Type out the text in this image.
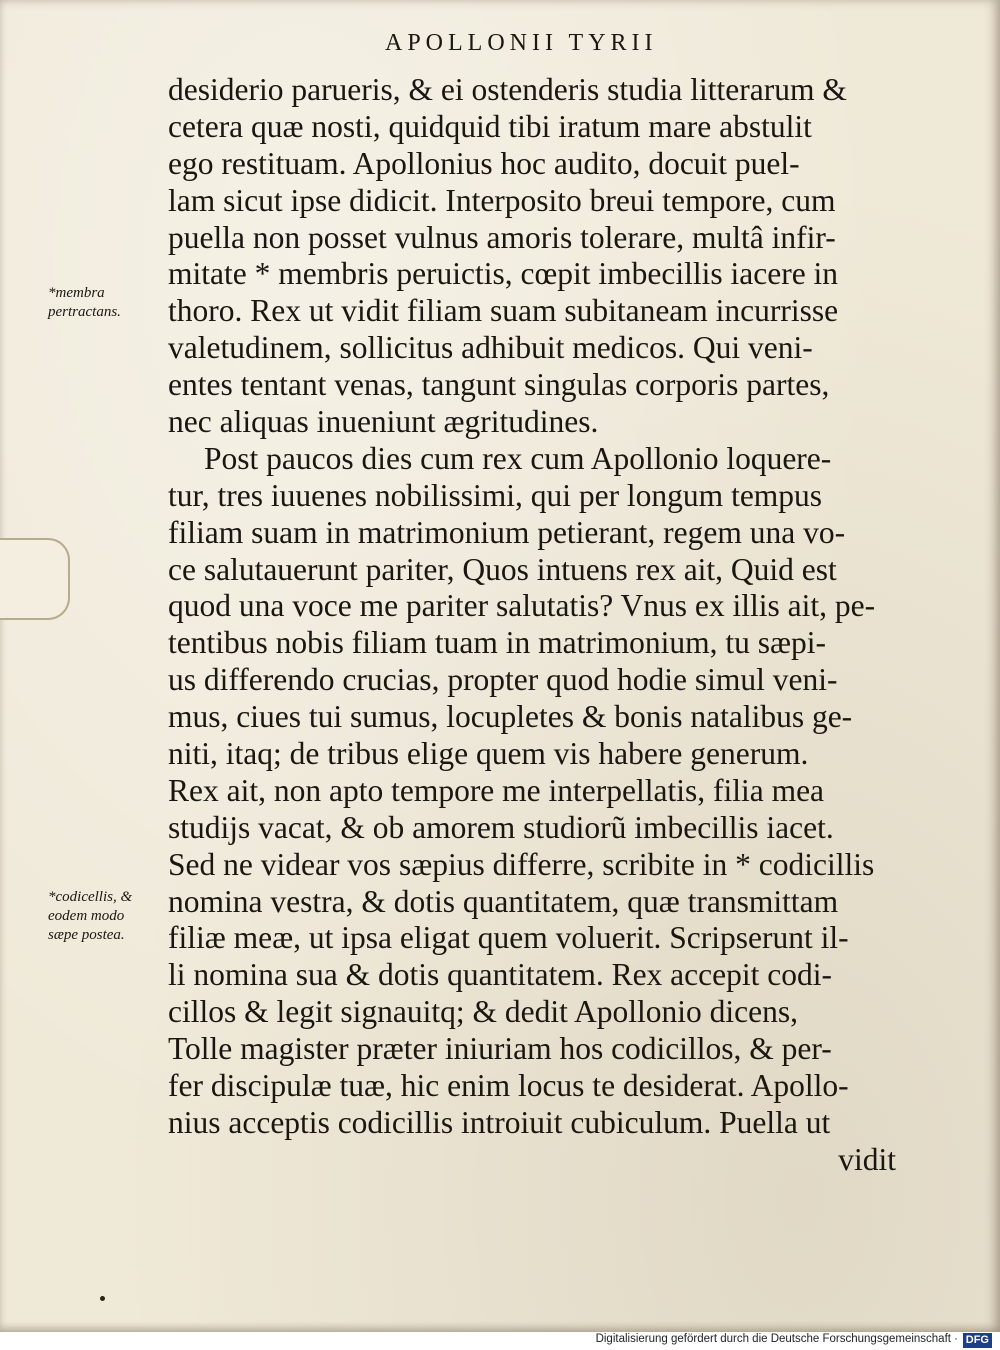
APOLLONII TYRII
desiderio parueris, & ei ostenderis studia litterarum &
cetera quæ nosti, quidquid tibi iratum mare abstulit
ego restituam. Apollonius hoc audito, docuit puel-
lam sicut ipse didicit. Interposito breui tempore, cum
puella non posset vulnus amoris tolerare, multâ infir-
mitate * membris peruictis, cœpit imbecillis iacere in
thoro. Rex ut vidit filiam suam subitaneam incurrisse
valetudinem, sollicitus adhibuit medicos. Qui veni-
entes tentant venas, tangunt singulas corporis partes,
nec aliquas inueniunt ægritudines.
Post paucos dies cum rex cum Apollonio loquere-
tur, tres iuuenes nobilissimi, qui per longum tempus
filiam suam in matrimonium petierant, regem una vo-
ce salutauerunt pariter, Quos intuens rex ait, Quid est
quod una voce me pariter salutatis? Vnus ex illis ait, pe-
tentibus nobis filiam tuam in matrimonium, tu sæpi-
us differendo crucias, propter quod hodie simul veni-
mus, ciues tui sumus, locupletes & bonis natalibus ge-
niti, itaq; de tribus elige quem vis habere generum.
Rex ait, non apto tempore me interpellatis, filia mea
studijs vacat, & ob amorem studiorũ imbecillis iacet.
Sed ne videar vos sæpius differre, scribite in * codicillis
nomina vestra, & dotis quantitatem, quæ transmittam
filiæ meæ, ut ipsa eligat quem voluerit. Scripserunt il-
li nomina sua & dotis quantitatem. Rex accepit codi-
cillos & legit signauitq; & dedit Apollonio dicens,
Tolle magister præter iniuriam hos codicillos, & per-
fer discipulæ tuæ, hic enim locus te desiderat. Apollo-
nius acceptis codicillis introiuit cubiculum. Puella ut
vidit
*membra
pertractans.
*codicellis, &
eodem modo
sæpe postea.
Digitalisierung gefördert durch die Deutsche Forschungsgemeinschaft · DFG
